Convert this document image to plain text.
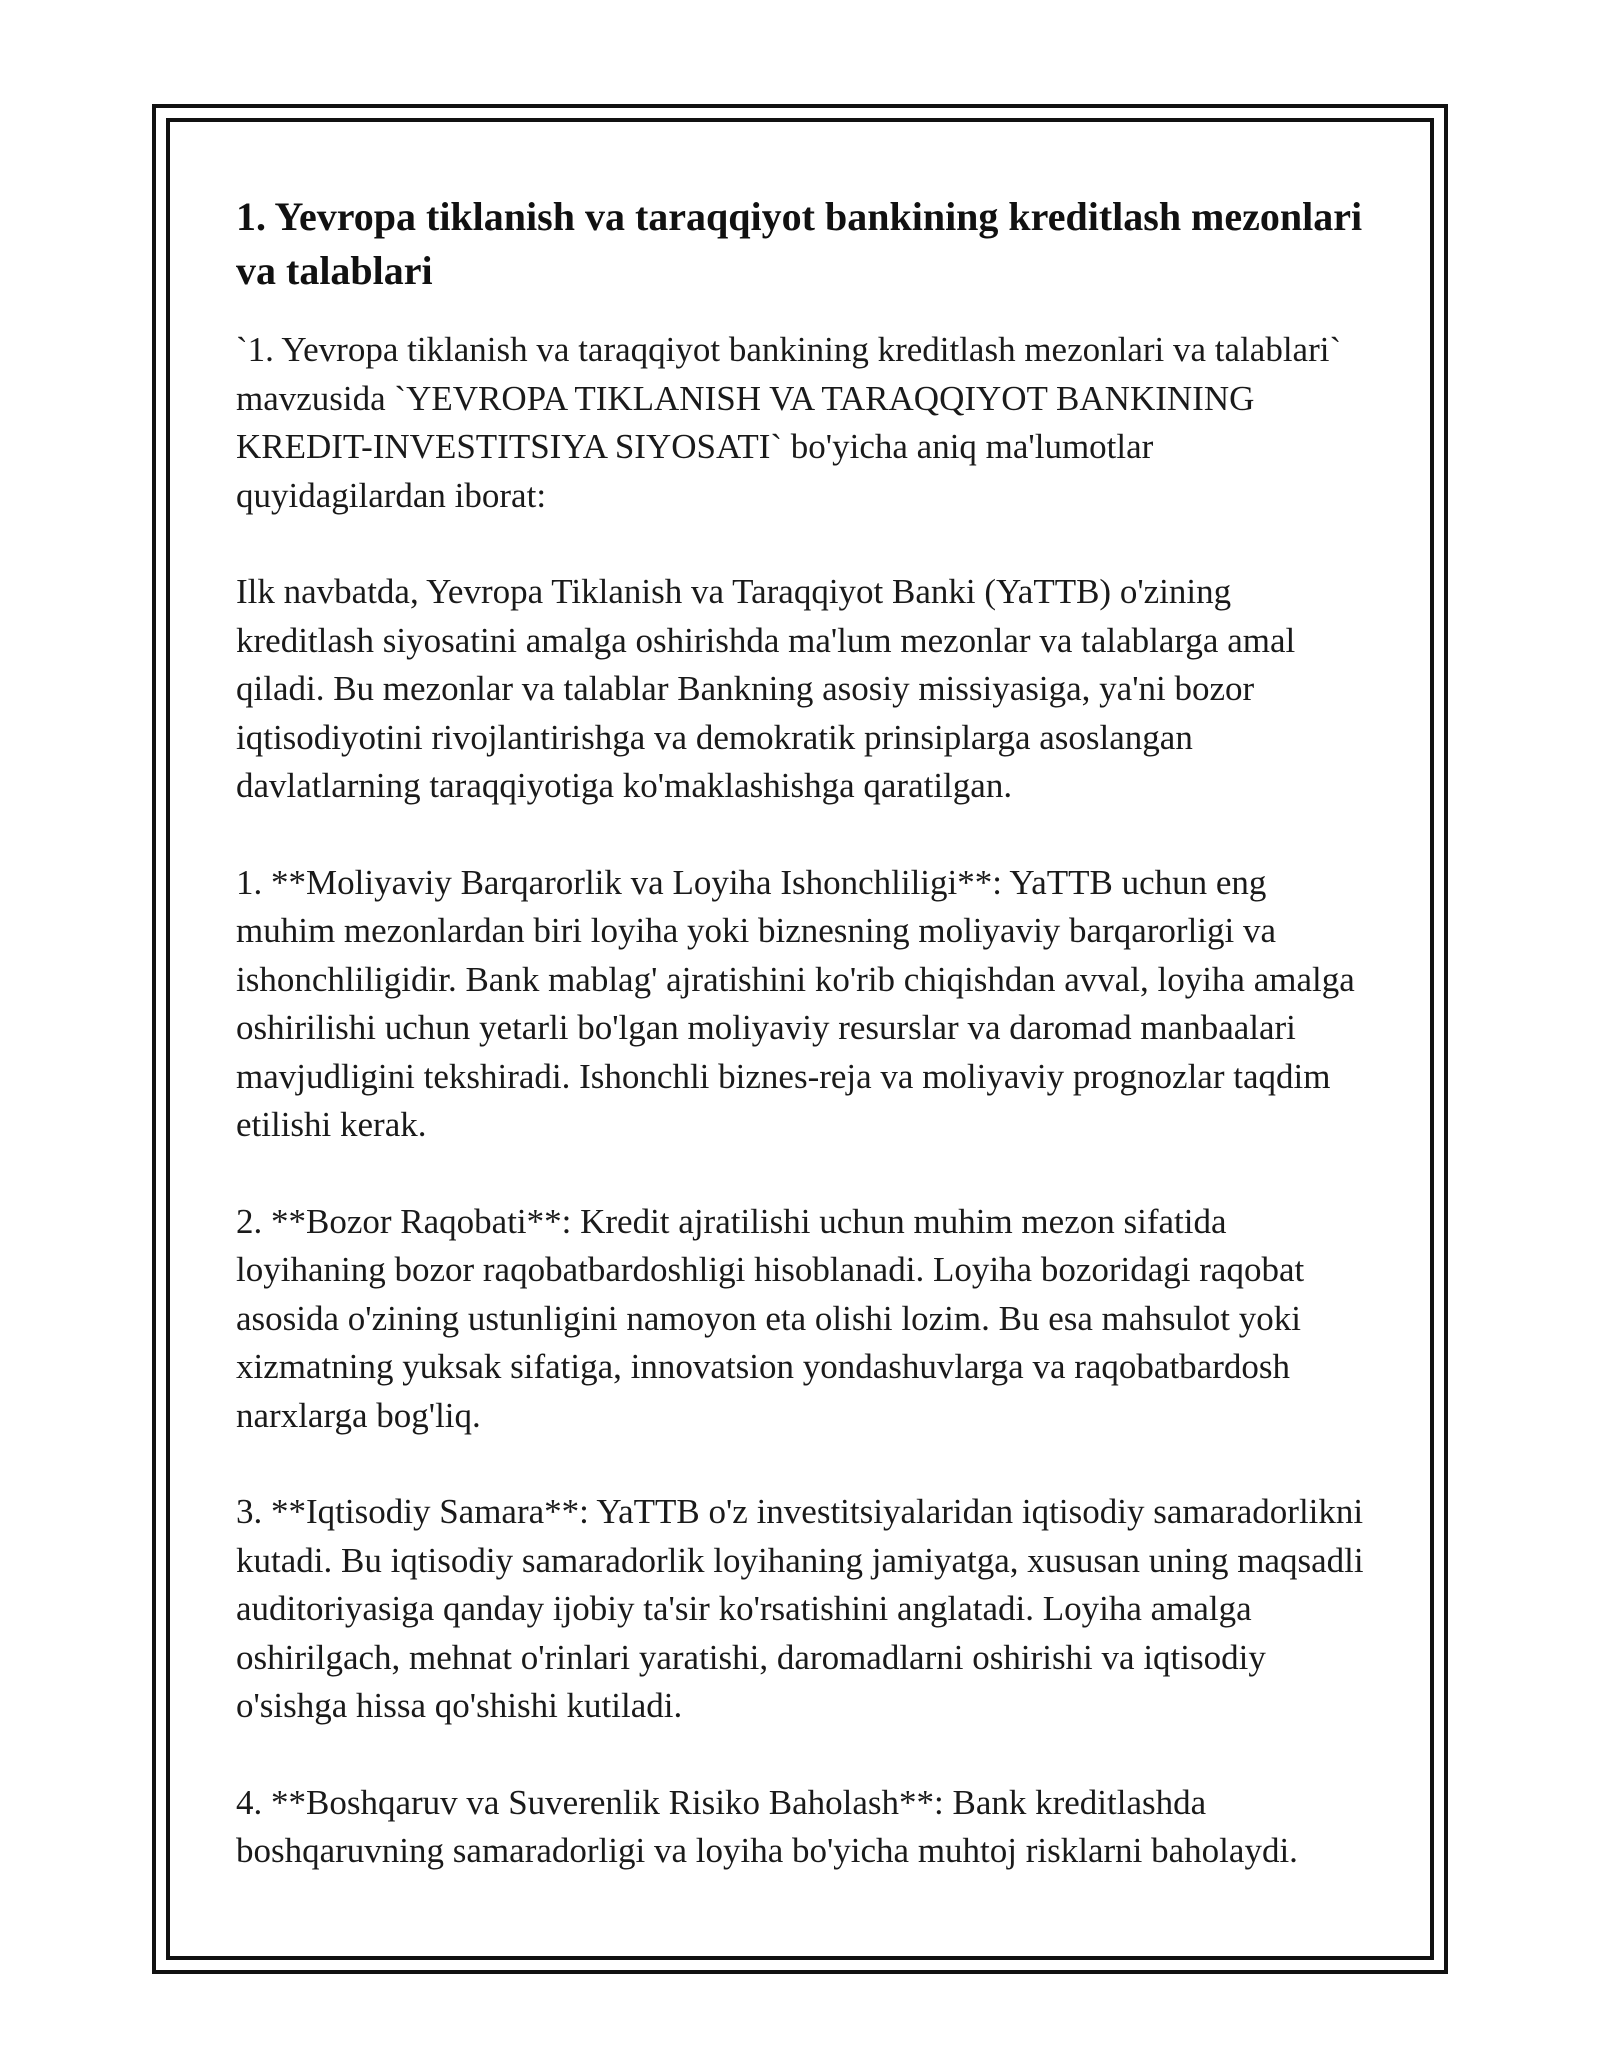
1. Yevropa tiklanish va taraqqiyot bankining kreditlash mezonlari va talablari

`1. Yevropa tiklanish va taraqqiyot bankining kreditlash mezonlari va talablari` mavzusida `YEVROPA TIKLANISH VA TARAQQIYOT BANKINING KREDIT-INVESTITSIYA SIYOSATI` bo'yicha aniq ma'lumotlar quyidagilardan iborat:

Ilk navbatda, Yevropa Tiklanish va Taraqqiyot Banki (YaTTB) o'zining kreditlash siyosatini amalga oshirishda ma'lum mezonlar va talablarga amal qiladi. Bu mezonlar va talablar Bankning asosiy missiyasiga, ya'ni bozor iqtisodiyotini rivojlantirishga va demokratik prinsiplarga asoslangan davlatlarning taraqqiyotiga ko'maklashishga qaratilgan.

1. **Moliyaviy Barqarorlik va Loyiha Ishonchliligi**: YaTTB uchun eng muhim mezonlardan biri loyiha yoki biznesning moliyaviy barqarorligi va ishonchliligidir. Bank mablag' ajratishini ko'rib chiqishdan avval, loyiha amalga oshirilishi uchun yetarli bo'lgan moliyaviy resurslar va daromad manbaalari mavjudligini tekshiradi. Ishonchli biznes-reja va moliyaviy prognozlar taqdim etilishi kerak.

2. **Bozor Raqobati**: Kredit ajratilishi uchun muhim mezon sifatida loyihaning bozor raqobatbardoshligi hisoblanadi. Loyiha bozoridagi raqobat asosida o'zining ustunligini namoyon eta olishi lozim. Bu esa mahsulot yoki xizmatning yuksak sifatiga, innovatsion yondashuvlarga va raqobatbardosh narxlarga bog'liq.

3. **Iqtisodiy Samara**: YaTTB o'z investitsiyalaridan iqtisodiy samaradorlikni kutadi. Bu iqtisodiy samaradorlik loyihaning jamiyatga, xususan uning maqsadli auditoriyasiga qanday ijobiy ta'sir ko'rsatishini anglatadi. Loyiha amalga oshirilgach, mehnat o'rinlari yaratishi, daromadlarni oshirishi va iqtisodiy o'sishga hissa qo'shishi kutiladi.

4. **Boshqaruv va Suverenlik Risiko Baholash**: Bank kreditlashda boshqaruvning samaradorligi va loyiha bo'yicha muhtoj risklarni baholaydi.
